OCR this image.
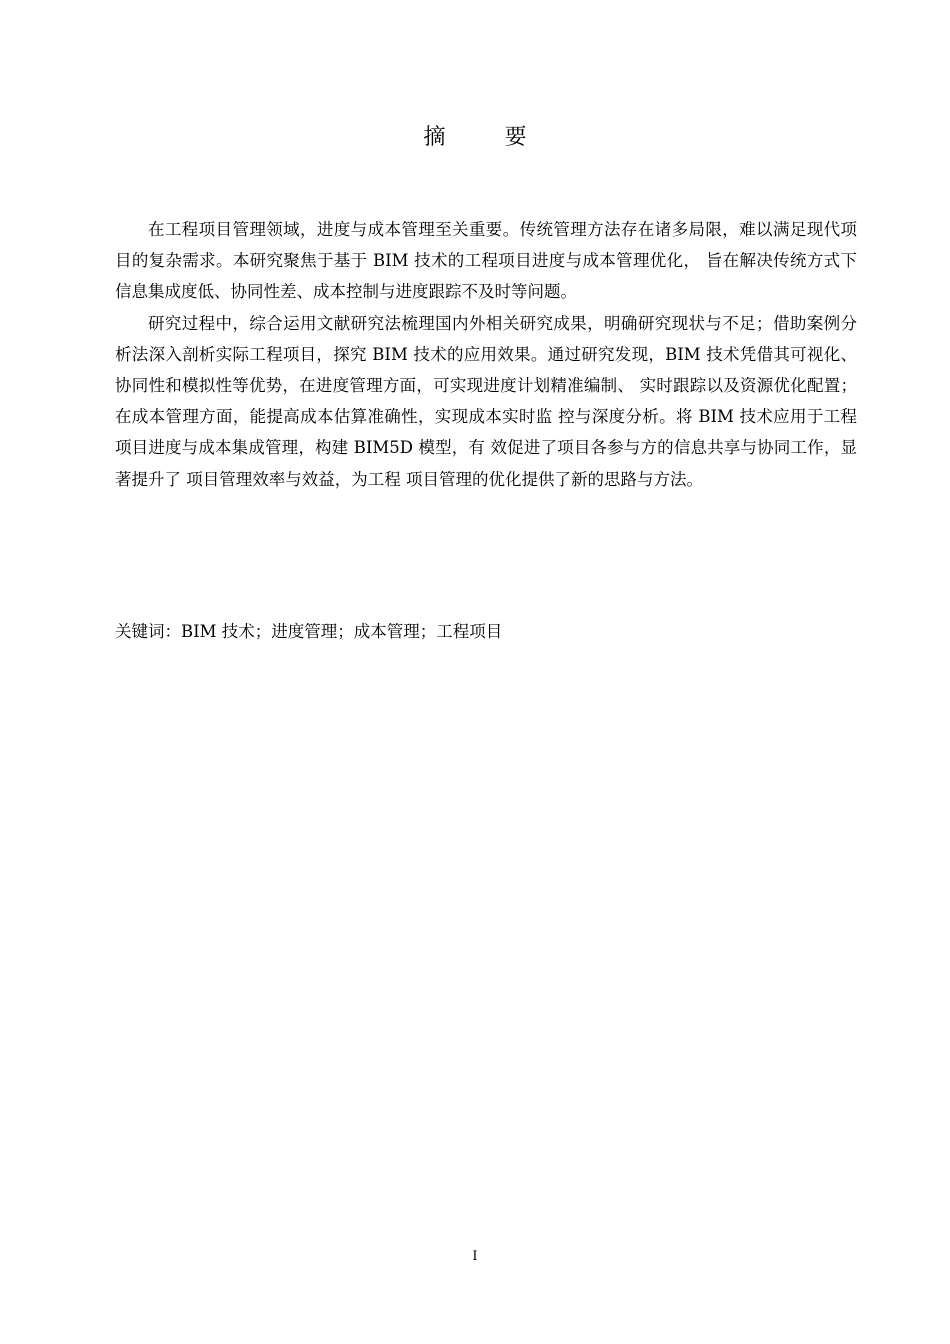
摘 要

在工程项目管理领域，进度与成本管理至关重要。传统管理方法存在诸多局限，难以满足现代项目的复杂需求。本研究聚焦于基于 BIM 技术的工程项目进度与成本管理优化， 旨在解决传统方式下信息集成度低、协同性差、成本控制与进度跟踪不及时等问题。

研究过程中，综合运用文献研究法梳理国内外相关研究成果，明确研究现状与不足；借助案例分析法深入剖析实际工程项目，探究 BIM 技术的应用效果。通过研究发现，BIM 技术凭借其可视化、协同性和模拟性等优势，在进度管理方面，可实现进度计划精准编制、 实时跟踪以及资源优化配置；在成本管理方面，能提高成本估算准确性，实现成本实时监 控与深度分析。将 BIM 技术应用于工程项目进度与成本集成管理，构建 BIM5D 模型，有 效促进了项目各参与方的信息共享与协同工作，显著提升了 项目管理效率与效益，为工程 项目管理的优化提供了新的思路与方法。

关键词：BIM 技术；进度管理；成本管理；工程项目
I
